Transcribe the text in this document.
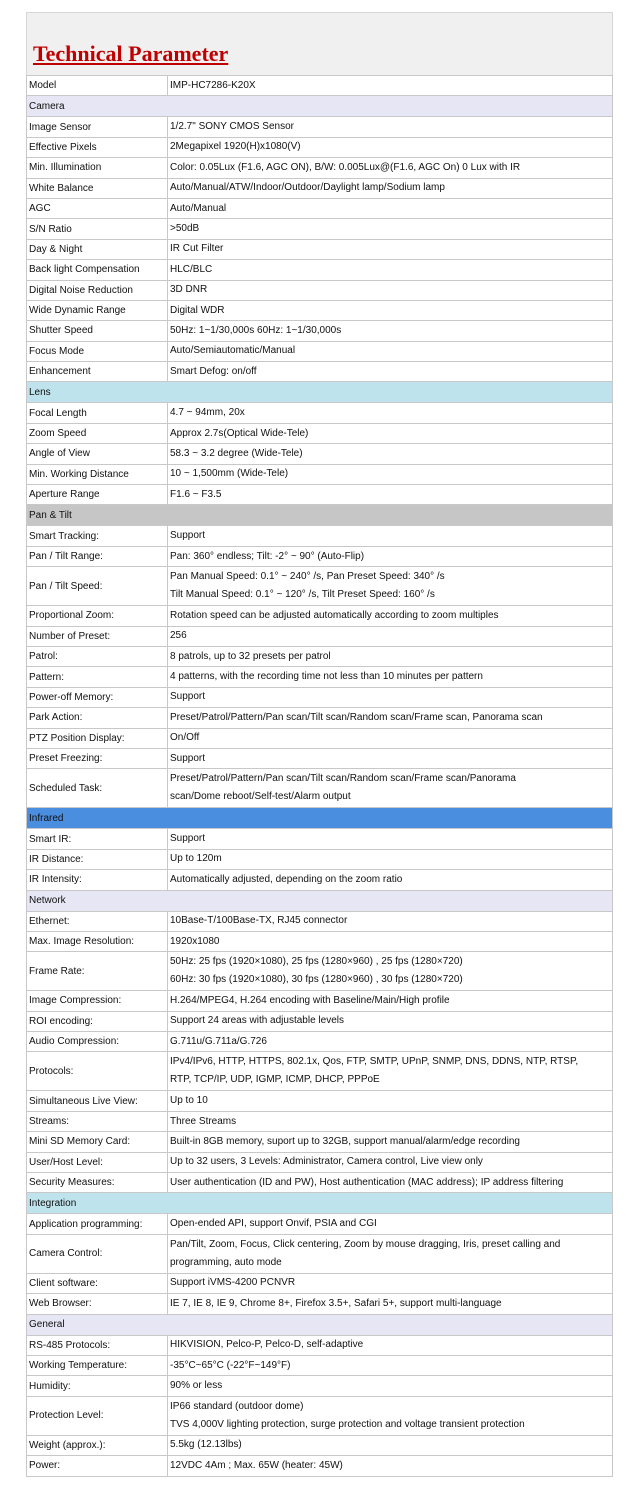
Technical Parameter
Model	IMP-HC7286-K20X

Camera	
Image Sensor	1/2.7" SONY CMOS Sensor

Effective Pixels	2Megapixel 1920(H)x1080(V)

Min. Illumination	Color: 0.05Lux (F1.6, AGC ON), B/W: 0.005Lux@(F1.6, AGC On) 0 Lux with IR

White Balance	Auto/Manual/ATW/Indoor/Outdoor/Daylight lamp/Sodium lamp

AGC	Auto/Manual

S/N Ratio	>50dB

Day & Night	IR Cut Filter

Back light Compensation	HLC/BLC

Digital Noise Reduction	3D DNR

Wide Dynamic Range	Digital WDR

Shutter Speed	50Hz: 1~1/30,000s 60Hz: 1~1/30,000s

Focus Mode	Auto/Semiautomatic/Manual

Enhancement	Smart Defog: on/off

Lens	
Focal Length	4.7 ~ 94mm, 20x

Zoom Speed	Approx 2.7s(Optical Wide-Tele)

Angle of View	58.3 ~ 3.2 degree (Wide-Tele)

Min. Working Distance	10 ~ 1,500mm (Wide-Tele)

Aperture Range	F1.6 ~ F3.5

Pan & Tilt	
Smart Tracking:	Support

Pan / Tilt Range:	Pan: 360° endless; Tilt: -2° ~ 90° (Auto-Flip)

Pan / Tilt Speed:	Pan Manual Speed: 0.1° ~ 240° /s, Pan Preset Speed: 340° /s
Tilt Manual Speed: 0.1° ~ 120° /s, Tilt Preset Speed: 160° /s

Proportional Zoom:	Rotation speed can be adjusted automatically according to zoom multiples

Number of Preset:	256

Patrol:	8 patrols, up to 32 presets per patrol

Pattern:	4 patterns, with the recording time not less than 10 minutes per pattern

Power-off Memory:	Support

Park Action:	Preset/Patrol/Pattern/Pan scan/Tilt scan/Random scan/Frame scan, Panorama scan

PTZ Position Display:	On/Off

Preset Freezing:	Support

Scheduled Task:	Preset/Patrol/Pattern/Pan scan/Tilt scan/Random scan/Frame scan/Panorama
scan/Dome reboot/Self-test/Alarm output

Infrared	
Smart IR:	Support

IR Distance:	Up to 120m

IR Intensity:	Automatically adjusted, depending on the zoom ratio

Network	
Ethernet:	10Base-T/100Base-TX, RJ45 connector

Max. Image Resolution:	1920x1080

Frame Rate:	50Hz: 25 fps (1920×1080), 25 fps (1280×960) , 25 fps (1280×720)
60Hz: 30 fps (1920×1080), 30 fps (1280×960) , 30 fps (1280×720)

Image Compression:	H.264/MPEG4, H.264 encoding with Baseline/Main/High profile

ROI encoding:	Support 24 areas with adjustable levels

Audio Compression:	G.711u/G.711a/G.726

Protocols:	IPv4/IPv6, HTTP, HTTPS, 802.1x, Qos, FTP, SMTP, UPnP, SNMP, DNS, DDNS, NTP, RTSP,
RTP, TCP/IP, UDP, IGMP, ICMP, DHCP, PPPoE

Simultaneous Live View:	Up to 10

Streams:	Three Streams

Mini SD Memory Card:	Built-in 8GB memory, suport up to 32GB, support manual/alarm/edge recording

User/Host Level:	Up to 32 users, 3 Levels: Administrator, Camera control, Live view only

Security Measures:	User authentication (ID and PW), Host authentication (MAC address); IP address filtering

Integration	
Application programming:	Open-ended API, support Onvif, PSIA and CGI

Camera Control:	Pan/Tilt, Zoom, Focus, Click centering, Zoom by mouse dragging, Iris, preset calling and
programming, auto mode

Client software:	Support iVMS-4200 PCNVR

Web Browser:	IE 7, IE 8, IE 9, Chrome 8+, Firefox 3.5+, Safari 5+, support multi-language

General	
RS-485 Protocols:	HIKVISION, Pelco-P, Pelco-D, self-adaptive

Working Temperature:	-35°C~65°C (-22°F~149°F)

Humidity:	90% or less

Protection Level:	IP66 standard (outdoor dome)
TVS 4,000V lighting protection, surge protection and voltage transient protection

Weight (approx.):	5.5kg (12.13lbs)

Power:	12VDC 4Am ; Max. 65W (heater: 45W)
